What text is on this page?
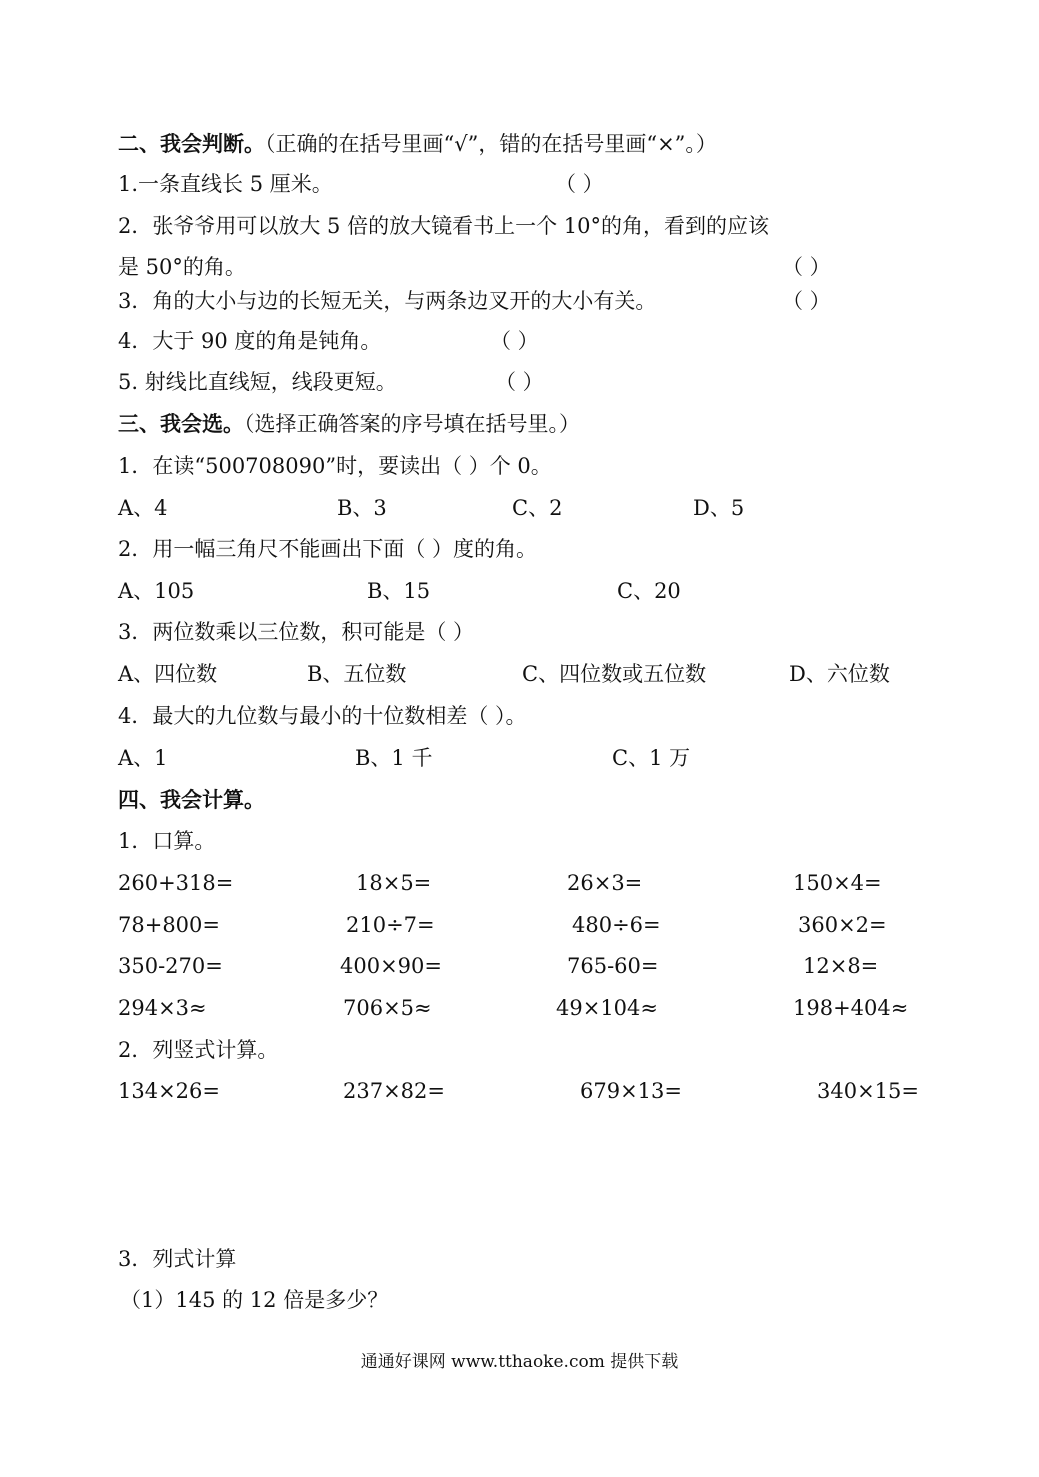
二、我会判断。（正确的在括号里画“√”，错的在括号里画“×”。）
1.一条直线长 5 厘米。	（ ）
2．张爷爷用可以放大 5 倍的放大镜看书上一个 10°的角，看到的应该
是 50°的角。	（ ）
3．角的大小与边的长短无关，与两条边叉开的大小有关。	（ ）
4．大于 90 度的角是钝角。	（ ）
5. 射线比直线短，线段更短。	（ ）
三、我会选。（选择正确答案的序号填在括号里。）
1．在读“500708090”时，要读出（ ）个 0。
A、4	B、3	C、2	D、5
2．用一幅三角尺不能画出下面（ ）度的角。
A、105	B、15	C、20
3．两位数乘以三位数，积可能是（ ）
A、四位数	B、五位数	C、四位数或五位数	D、六位数
4．最大的九位数与最小的十位数相差（ ）。
A、1	B、1 千	C、1 万
四、我会计算。
1．口算。
260+318=	18×5=	26×3=	150×4=
78+800=	210÷7=	480÷6=	360×2=
350-270=	400×90=	765-60=	12×8=
294×3≈	706×5≈	49×104≈	198+404≈
2．列竖式计算。
134×26=	237×82=	679×13=	340×15=
3．列式计算
（1）145 的 12 倍是多少？
通通好课网 www.tthaoke.com 提供下载
